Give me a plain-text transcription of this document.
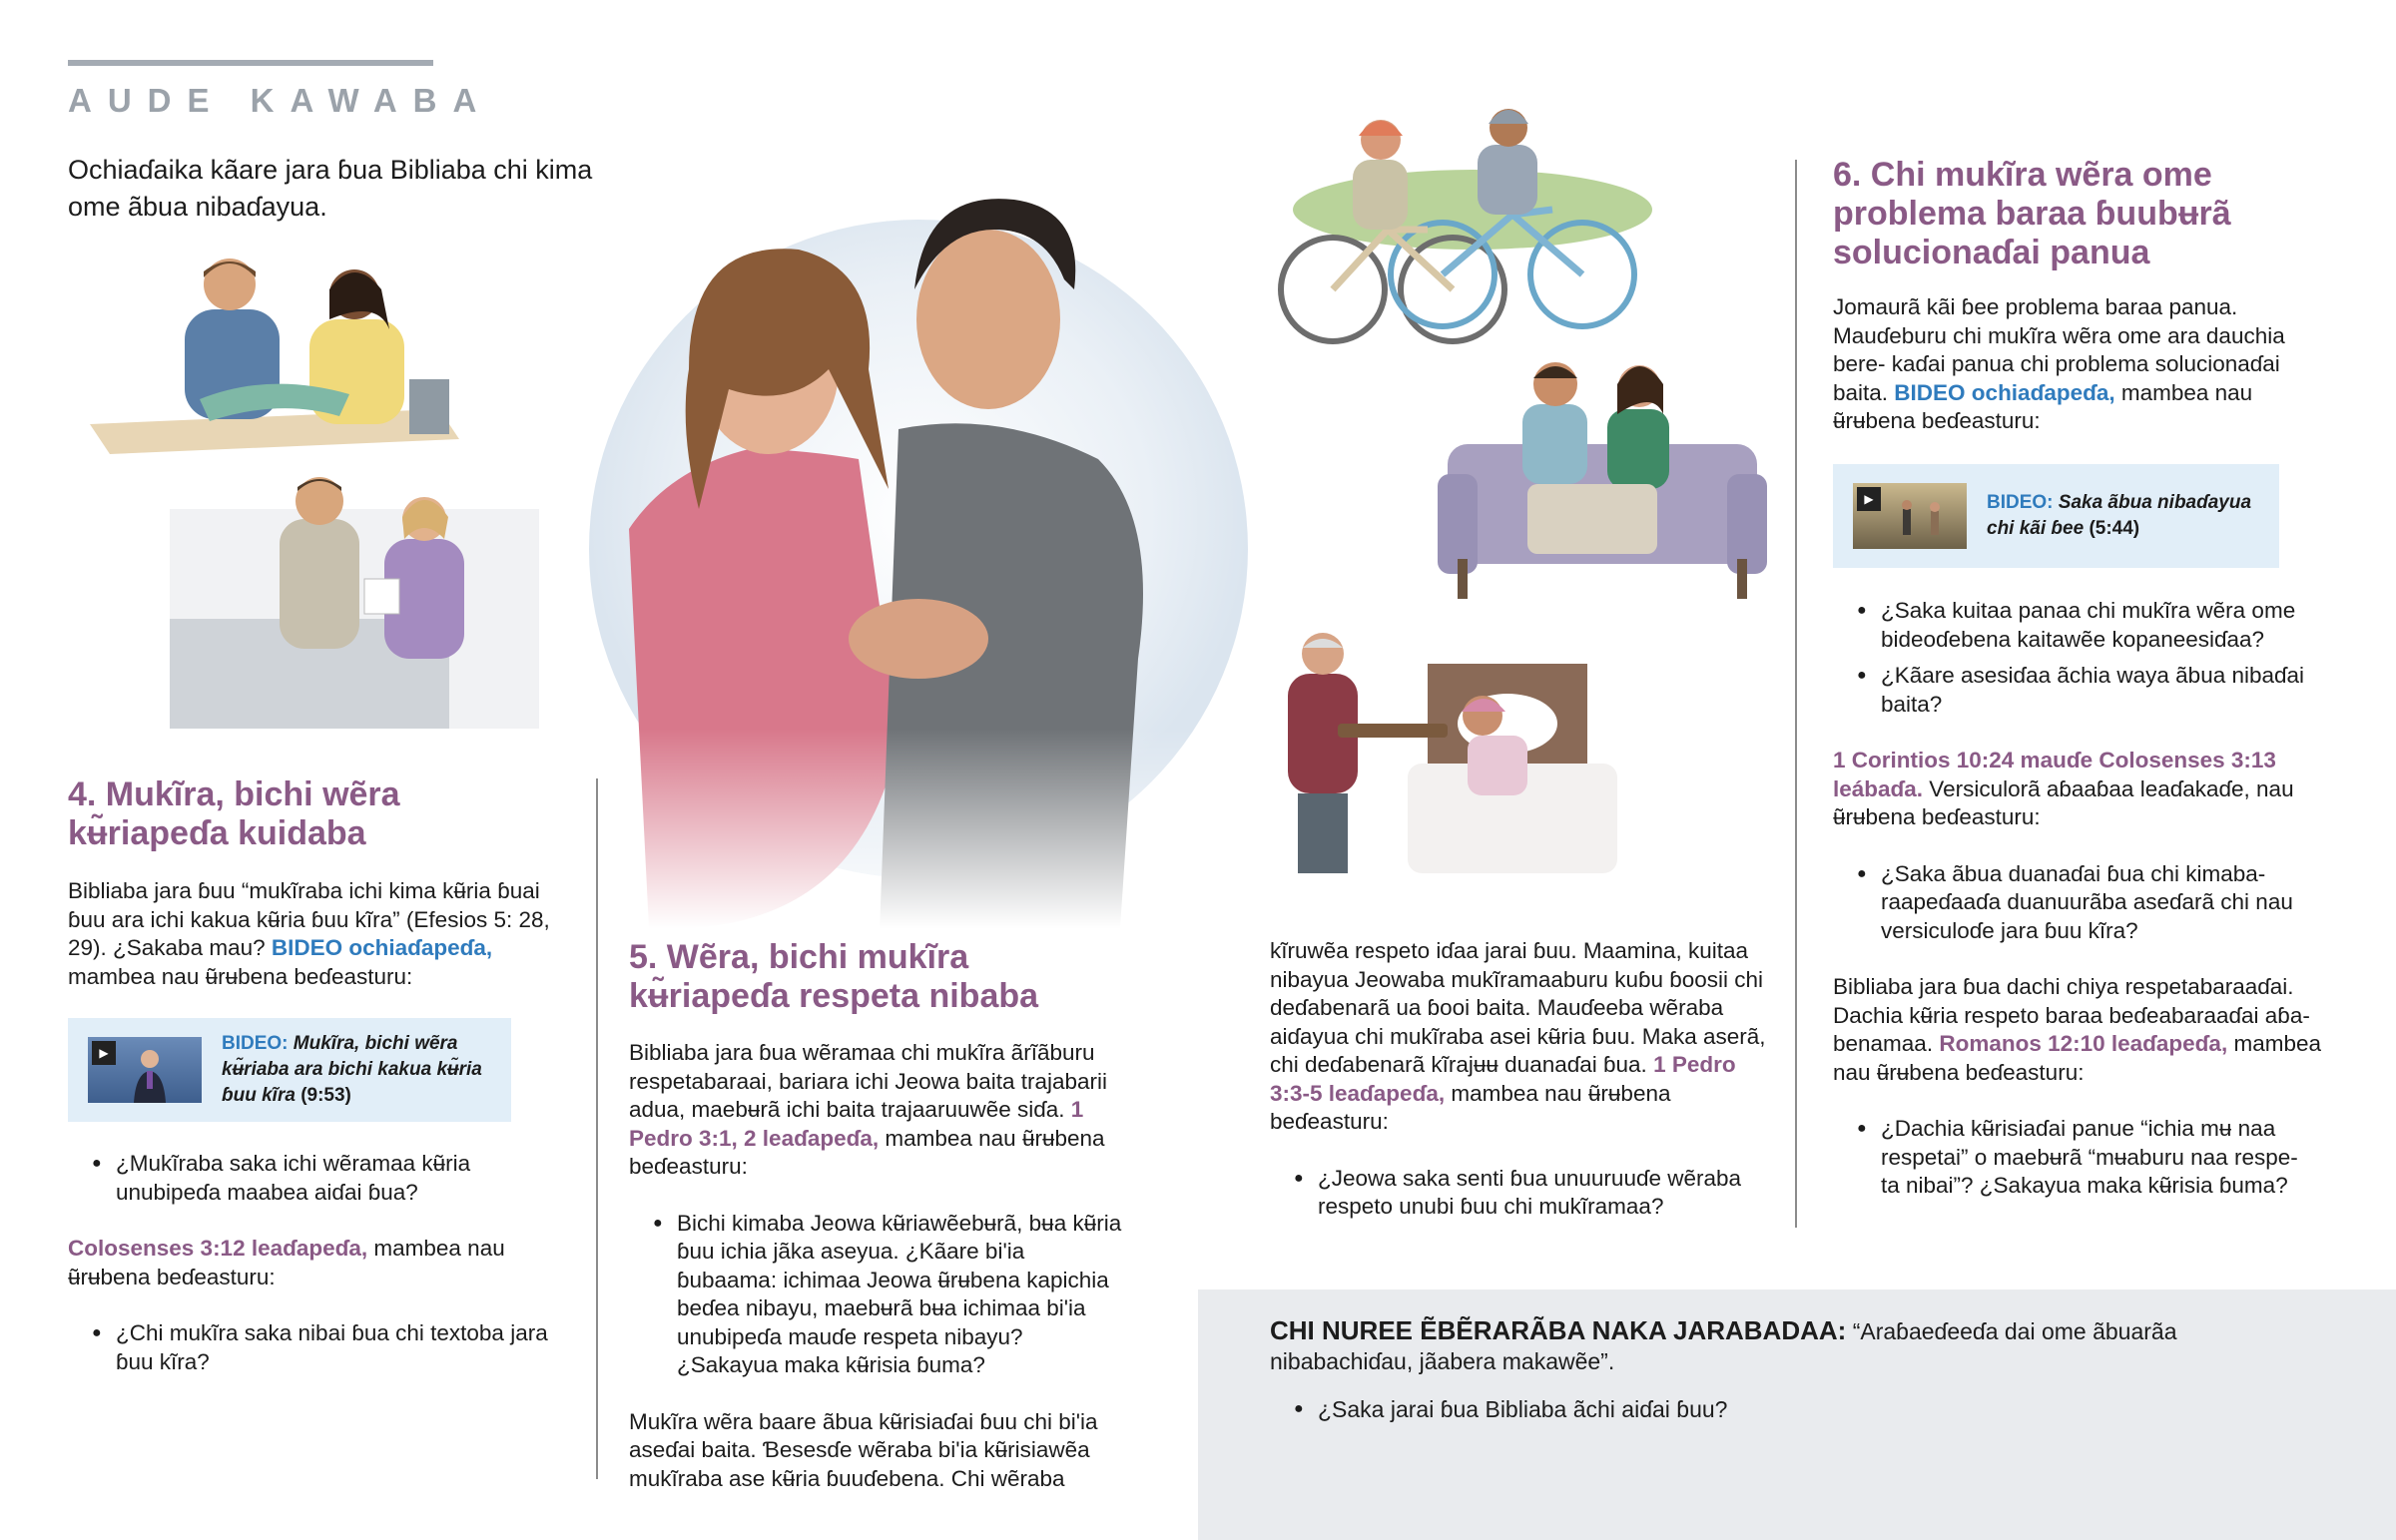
AUDE KAWABA
Ochiaɗaika kãare jara ɓua Bibliaba chi kima ome ãbua nibaɗayua.
4. Mukĩra, bichi wẽra kʉ̃riapeɗa kuidaba

Bibliaba jara ɓuu “mukĩraba ichi kima kʉ̃ria ɓuai ɓuu ara ichi kakua kʉ̃ria ɓuu kĩra” (Efesios 5: 28, 29). ¿Sakaba mau? BIDEO ochiaɗapeɗa, mambea nau ʉ̃rʉbena beɗeasturu:

▶	BIDEO: Mukĩra, bichi wẽra kʉ̃riaba ara bichi kakua kʉ̃ria ɓuu kĩra (9:53)
● ¿Mukĩraba saka ichi wẽramaa kʉ̃ria unubipeɗa maabea aiɗai ɓua?

Colosenses 3:12 leaɗapeɗa, mambea nau ʉ̃rʉbena beɗeasturu:

● ¿Chi mukĩra saka nibai ɓua chi textoba jara ɓuu kĩra?
5. Wẽra, bichi mukĩra kʉ̃riapeɗa respeta nibaba

Bibliaba jara ɓua wẽramaa chi mukĩra ãrĩãburu respetabaraai, bariara ichi Jeowa baita trajabarii adua, maebʉrã ichi baita trajaaruuwẽe siɗa. 1 Pedro 3:1, 2 leaɗapeɗa, mambea nau ʉ̃rʉbena beɗeasturu:

● Bichi kimaba Jeowa kʉ̃riawẽebʉrã, bʉa kʉ̃ria ɓuu ichia jãka aseyua. ¿Kãare bi'ia ɓubaama: ichimaa Jeowa ʉ̃rʉbena kapichia beɗea nibayu, maebʉrã bʉa ichimaa bi'ia unubipeɗa mauɗe respeta nibayu? ¿Sakayua maka kʉ̃risia ɓuma?

Mukĩra wẽra baare ãbua kʉ̃risiaɗai ɓuu chi bi'ia aseɗai baita. Ɓesesɗe wẽraba bi'ia kʉ̃risiawẽa mukĩraba ase kʉ̃ria ɓuuɗebena. Chi wẽraba

kĩruwẽa respeto iɗaa jarai ɓuu. Maamina, kuitaa nibayua Jeowaba mukĩramaaburu kuɓu ɓoosii chi deɗabenarã ua ɓooi baita. Mauɗeeba wẽraba aiɗayua chi mukĩraba asei kʉ̃ria ɓuu. Maka aserã, chi deɗabenarã kĩrajʉʉ duanaɗai ɓua. 1 Pedro 3:3-5 leaɗapeɗa, mambea nau ʉ̃rʉbena beɗeasturu:

● ¿Jeowa saka senti ɓua unuuruuɗe wẽraba respeto unubi ɓuu chi mukĩramaa?
6. Chi mukĩra wẽra ome problema baraa ɓuubʉrã solucionaɗai panua

Jomaurã kãi ɓee problema baraa panua. Mauɗeburu chi mukĩra wẽra ome ara dauchia bere- kaɗai panua chi problema solucionaɗai baita. BIDEO ochiaɗapeɗa, mambea nau ʉ̃rʉbena beɗeasturu:

▶	BIDEO: Saka ãbua nibaɗayua chi kãi ɓee (5:44)
● ¿Saka kuitaa panaa chi mukĩra wẽra ome bideoɗebena kaitawẽe kopaneesiɗaa?
● ¿Kãare asesiɗaa ãchia waya ãbua nibaɗai baita?

1 Corintios 10:24 mauɗe Colosenses 3:13 leábaɗa. Versiculorã aɓaaɓaa leaɗakaɗe, nau ʉ̃rʉbena beɗeasturu:

● ¿Saka ãbua duanaɗai ɓua chi kimaba- raapeɗaaɗa duanuurãba aseɗarã chi nau versiculoɗe jara ɓuu kĩra?

Bibliaba jara ɓua dachi chiya respetabaraaɗai. Dachia kʉ̃ria respeto baraa beɗeabaraaɗai aɓa- benamaa. Romanos 12:10 leaɗapeɗa, mambea nau ʉ̃rʉbena beɗeasturu:

● ¿Dachia kʉ̃risiaɗai panue “ichia mʉ naa respetai” o maebʉrã “mʉaburu naa respe- ta nibai”? ¿Sakayua maka kʉ̃risia ɓuma?

CHI NUREE ẼBẼRARÃBA NAKA JARABADAA: “Araɓaeɗeeɗa dai ome ãbuarãa nibabachiɗau, jãabera makawẽe”.

● ¿Saka jarai ɓua Bibliaba ãchi aiɗai ɓuu?
